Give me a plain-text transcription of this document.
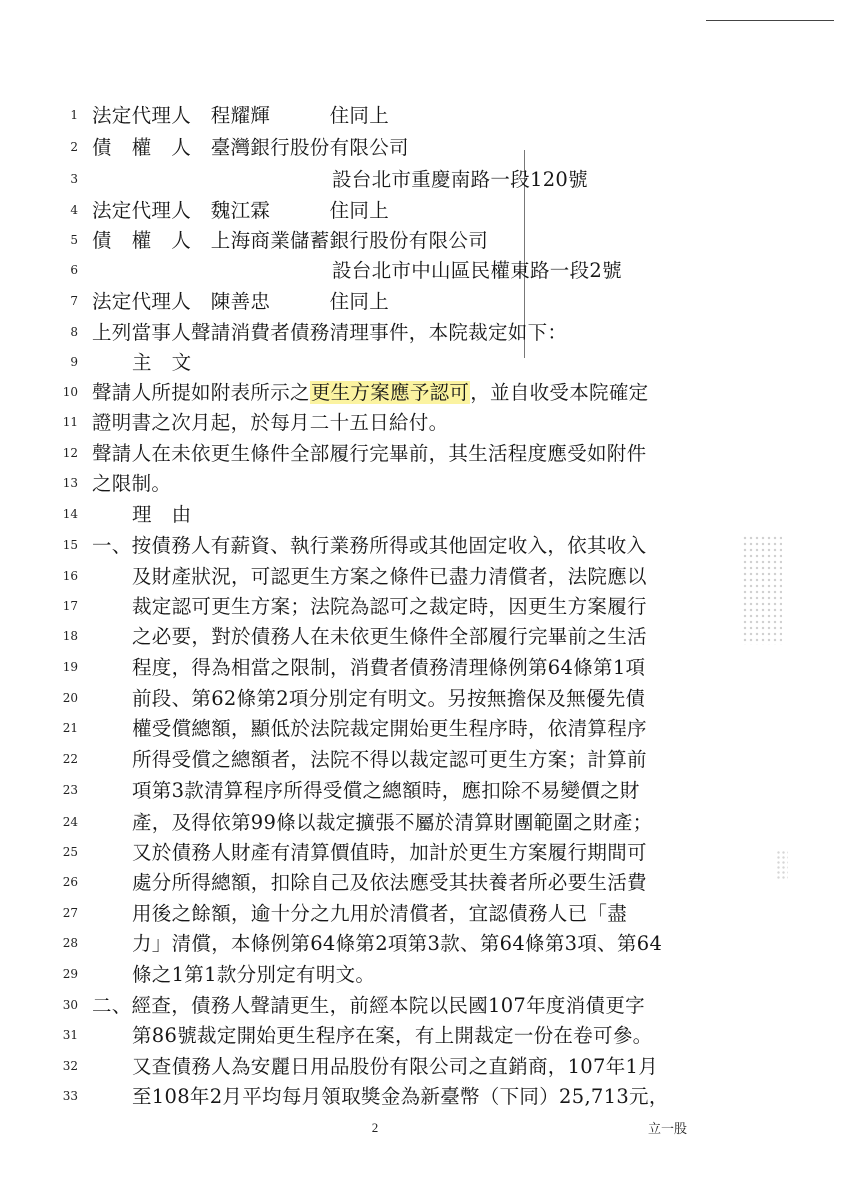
1 法定代理人　程耀輝　　　住同上
2 債　權　人　臺灣銀行股份有限公司
3	設台北市重慶南路一段120號
4 法定代理人　魏江霖　　　住同上
5 債　權　人　上海商業儲蓄銀行股份有限公司
6	設台北市中山區民權東路一段2號
7 法定代理人　陳善忠　　　住同上
8 上列當事人聲請消費者債務清理事件，本院裁定如下：
9	主　文
10 聲請人所提如附表所示之更生方案應予認可，並自收受本院確定
11 證明書之次月起，於每月二十五日給付。
12 聲請人在未依更生條件全部履行完畢前，其生活程度應受如附件
13 之限制。
14	理　由
15 一、按債務人有薪資、執行業務所得或其他固定收入，依其收入
16	及財產狀況，可認更生方案之條件已盡力清償者，法院應以
17	裁定認可更生方案；法院為認可之裁定時，因更生方案履行
18	之必要，對於債務人在未依更生條件全部履行完畢前之生活
19	程度，得為相當之限制，消費者債務清理條例第64條第1項
20	前段、第62條第2項分別定有明文。另按無擔保及無優先債
21	權受償總額，顯低於法院裁定開始更生程序時，依清算程序
22	所得受償之總額者，法院不得以裁定認可更生方案；計算前
23	項第3款清算程序所得受償之總額時，應扣除不易變價之財
24	產，及得依第99條以裁定擴張不屬於清算財團範圍之財產；
25	又於債務人財產有清算價值時，加計於更生方案履行期間可
26	處分所得總額，扣除自己及依法應受其扶養者所必要生活費
27	用後之餘額，逾十分之九用於清償者，宜認債務人已「盡
28	力」清償，本條例第64條第2項第3款、第64條第3項、第64
29	條之1第1款分別定有明文。
30 二、經查，債務人聲請更生，前經本院以民國107年度消債更字
31	第86號裁定開始更生程序在案，有上開裁定一份在卷可參。
32	又查債務人為安麗日用品股份有限公司之直銷商，107年1月
33	至108年2月平均每月領取獎金為新臺幣（下同）25,713元，
2	立一股
